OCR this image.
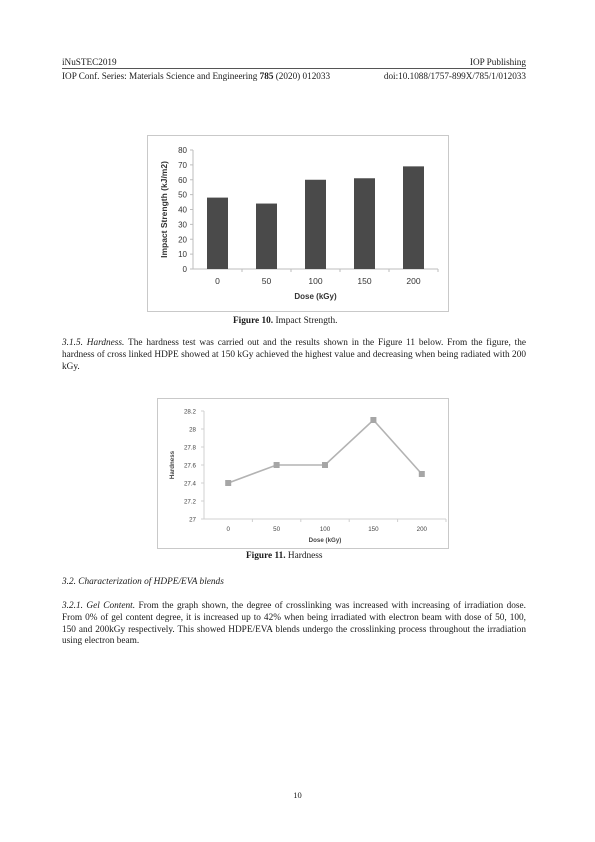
iNuSTEC2019	IOP Publishing
IOP Conf. Series: Materials Science and Engineering 785 (2020) 012033	doi:10.1088/1757-899X/785/1/012033
0
10
20
30
40
50
60
70
80
0	50	100	150	200
Dose (kGy)
Impact Strength (kJ/m2)
Figure 10. Impact Strength.
3.1.5. Hardness. The hardness test was carried out and the results shown in the Figure 11 below. From the figure, the hardness of cross linked HDPE showed at 150 kGy achieved the highest value and decreasing when being radiated with 200 kGy.
27
27.2
27.4
27.6
27.8
28
28.2
0	50	100	150	200
Dose (kGy)
Hardness
Figure 11. Hardness
3.2. Characterization of HDPE/EVA blends
3.2.1. Gel Content. From the graph shown, the degree of crosslinking was increased with increasing of irradiation dose. From 0% of gel content degree, it is increased up to 42% when being irradiated with electron beam with dose of 50, 100, 150 and 200kGy respectively. This showed HDPE/EVA blends undergo the crosslinking process throughout the irradiation using electron beam.
10
